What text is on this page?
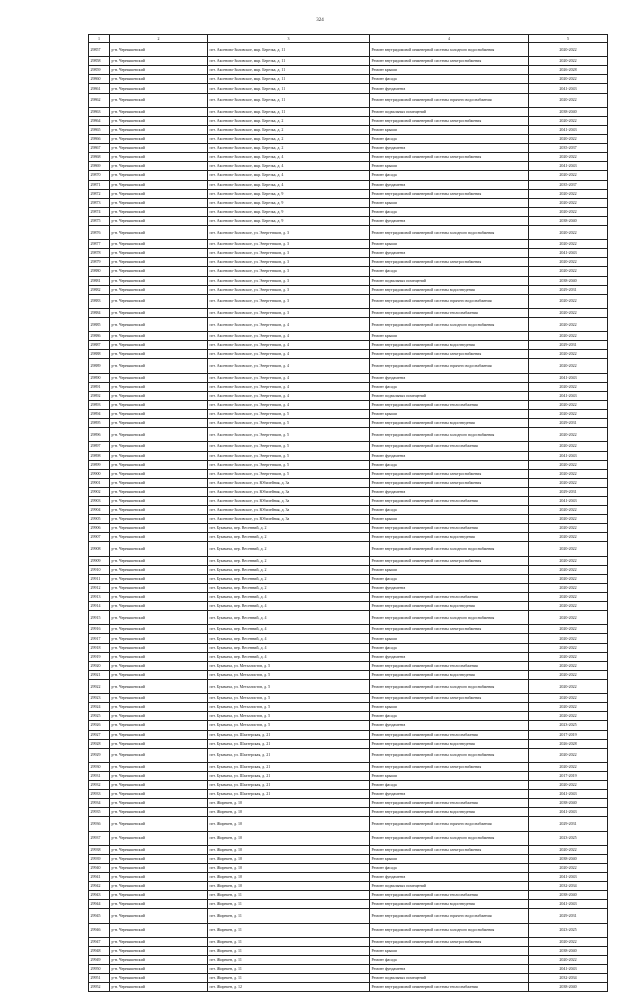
324
1	2	3	4	5
29857	р-н. Чернышевский	пгт. Аксеново-Зиловское, мкр. Березка, д. 11	Ремонт внутридомовой инженерной системы холодного водоснабжения	2020-2022
29858	р-н. Чернышевский	пгт. Аксеново-Зиловское, мкр. Березка, д. 11	Ремонт внутридомовой инженерной системы электроснабжения	2020-2022
29859	р-н. Чернышевский	пгт. Аксеново-Зиловское, мкр. Березка, д. 11	Ремонт крыши	2026-2028
29860	р-н. Чернышевский	пгт. Аксеново-Зиловское, мкр. Березка, д. 11	Ремонт фасада	2020-2022
29861	р-н. Чернышевский	пгт. Аксеново-Зиловское, мкр. Березка, д. 11	Ремонт фундамента	2041-2043
29862	р-н. Чернышевский	пгт. Аксеново-Зиловское, мкр. Березка, д. 11	Ремонт внутридомовой инженерной системы горячего водоснабжения	2020-2022
29863	р-н. Чернышевский	пгт. Аксеново-Зиловское, мкр. Березка, д. 11	Ремонт подвальных помещений	2038-2040
29864	р-н. Чернышевский	пгт. Аксеново-Зиловское, мкр. Березка, д. 2	Ремонт внутридомовой инженерной системы электроснабжения	2020-2022
29865	р-н. Чернышевский	пгт. Аксеново-Зиловское, мкр. Березка, д. 2	Ремонт крыши	2041-2043
29866	р-н. Чернышевский	пгт. Аксеново-Зиловское, мкр. Березка, д. 2	Ремонт фасада	2020-2022
29867	р-н. Чернышевский	пгт. Аксеново-Зиловское, мкр. Березка, д. 2	Ремонт фундамента	2035-2037
29868	р-н. Чернышевский	пгт. Аксеново-Зиловское, мкр. Березка, д. 4	Ремонт внутридомовой инженерной системы электроснабжения	2020-2022
29869	р-н. Чернышевский	пгт. Аксеново-Зиловское, мкр. Березка, д. 4	Ремонт крыши	2041-2043
29870	р-н. Чернышевский	пгт. Аксеново-Зиловское, мкр. Березка, д. 4	Ремонт фасада	2020-2022
29871	р-н. Чернышевский	пгт. Аксеново-Зиловское, мкр. Березка, д. 4	Ремонт фундамента	2035-2037
29872	р-н. Чернышевский	пгт. Аксеново-Зиловское, мкр. Березка, д. 9	Ремонт внутридомовой инженерной системы электроснабжения	2020-2022
29873	р-н. Чернышевский	пгт. Аксеново-Зиловское, мкр. Березка, д. 9	Ремонт крыши	2020-2022
29874	р-н. Чернышевский	пгт. Аксеново-Зиловское, мкр. Березка, д. 9	Ремонт фасада	2020-2022
29875	р-н. Чернышевский	пгт. Аксеново-Зиловское, мкр. Березка, д. 9	Ремонт фундамента	2038-2040
29876	р-н. Чернышевский	пгт. Аксеново-Зиловское, ул. Энергетиков, д. 3	Ремонт внутридомовой инженерной системы холодного водоснабжения	2020-2022
29877	р-н. Чернышевский	пгт. Аксеново-Зиловское, ул. Энергетиков, д. 3	Ремонт крыши	2020-2022
29878	р-н. Чернышевский	пгт. Аксеново-Зиловское, ул. Энергетиков, д. 3	Ремонт фундамента	2041-2043
29879	р-н. Чернышевский	пгт. Аксеново-Зиловское, ул. Энергетиков, д. 3	Ремонт внутридомовой инженерной системы электроснабжения	2020-2022
29880	р-н. Чернышевский	пгт. Аксеново-Зиловское, ул. Энергетиков, д. 3	Ремонт фасада	2020-2022
29881	р-н. Чернышевский	пгт. Аксеново-Зиловское, ул. Энергетиков, д. 3	Ремонт подвальных помещений	2038-2040
29882	р-н. Чернышевский	пгт. Аксеново-Зиловское, ул. Энергетиков, д. 3	Ремонт внутридомовой инженерной системы водоотведения	2029-2031
29883	р-н. Чернышевский	пгт. Аксеново-Зиловское, ул. Энергетиков, д. 3	Ремонт внутридомовой инженерной системы горячего водоснабжения	2020-2022
29884	р-н. Чернышевский	пгт. Аксеново-Зиловское, ул. Энергетиков, д. 3	Ремонт внутридомовой инженерной системы теплоснабжения	2020-2022
29885	р-н. Чернышевский	пгт. Аксеново-Зиловское, ул. Энергетиков, д. 4	Ремонт внутридомовой инженерной системы холодного водоснабжения	2020-2022
29886	р-н. Чернышевский	пгт. Аксеново-Зиловское, ул. Энергетиков, д. 4	Ремонт крыши	2020-2022
29887	р-н. Чернышевский	пгт. Аксеново-Зиловское, ул. Энергетиков, д. 4	Ремонт внутридомовой инженерной системы водоотведения	2029-2031
29888	р-н. Чернышевский	пгт. Аксеново-Зиловское, ул. Энергетиков, д. 4	Ремонт внутридомовой инженерной системы электроснабжения	2020-2022
29889	р-н. Чернышевский	пгт. Аксеново-Зиловское, ул. Энергетиков, д. 4	Ремонт внутридомовой инженерной системы горячего водоснабжения	2020-2022
29890	р-н. Чернышевский	пгт. Аксеново-Зиловское, ул. Энергетиков, д. 4	Ремонт фундамента	2041-2043
29891	р-н. Чернышевский	пгт. Аксеново-Зиловское, ул. Энергетиков, д. 4	Ремонт фасада	2020-2022
29892	р-н. Чернышевский	пгт. Аксеново-Зиловское, ул. Энергетиков, д. 4	Ремонт подвальных помещений	2041-2043
29893	р-н. Чернышевский	пгт. Аксеново-Зиловское, ул. Энергетиков, д. 4	Ремонт внутридомовой инженерной системы теплоснабжения	2020-2022
29894	р-н. Чернышевский	пгт. Аксеново-Зиловское, ул. Энергетиков, д. 5	Ремонт крыши	2020-2022
29895	р-н. Чернышевский	пгт. Аксеново-Зиловское, ул. Энергетиков, д. 5	Ремонт внутридомовой инженерной системы водоотведения	2029-2031
29896	р-н. Чернышевский	пгт. Аксеново-Зиловское, ул. Энергетиков, д. 5	Ремонт внутридомовой инженерной системы холодного водоснабжения	2020-2022
29897	р-н. Чернышевский	пгт. Аксеново-Зиловское, ул. Энергетиков, д. 5	Ремонт внутридомовой инженерной системы теплоснабжения	2020-2022
29898	р-н. Чернышевский	пгт. Аксеново-Зиловское, ул. Энергетиков, д. 5	Ремонт фундамента	2041-2043
29899	р-н. Чернышевский	пгт. Аксеново-Зиловское, ул. Энергетиков, д. 5	Ремонт фасада	2020-2022
29900	р-н. Чернышевский	пгт. Аксеново-Зиловское, ул. Энергетиков, д. 5	Ремонт внутридомовой инженерной системы электроснабжения	2020-2022
29901	р-н. Чернышевский	пгт. Аксеново-Зиловское, ул. Юбилейная, д. 3а	Ремонт внутридомовой инженерной системы электроснабжения	2020-2022
29902	р-н. Чернышевский	пгт. Аксеново-Зиловское, ул. Юбилейная, д. 3а	Ремонт фундамента	2029-2031
29903	р-н. Чернышевский	пгт. Аксеново-Зиловское, ул. Юбилейная, д. 3а	Ремонт внутридомовой инженерной системы теплоснабжения	2041-2043
29904	р-н. Чернышевский	пгт. Аксеново-Зиловское, ул. Юбилейная, д. 3а	Ремонт фасада	2020-2022
29905	р-н. Чернышевский	пгт. Аксеново-Зиловское, ул. Юбилейная, д. 3а	Ремонт крыши	2020-2022
29906	р-н. Чернышевский	пгт. Букачача, пер. Весенний, д. 2	Ремонт внутридомовой инженерной системы теплоснабжения	2020-2022
29907	р-н. Чернышевский	пгт. Букачача, пер. Весенний, д. 2	Ремонт внутридомовой инженерной системы водоотведения	2020-2022
29908	р-н. Чернышевский	пгт. Букачача, пер. Весенний, д. 2	Ремонт внутридомовой инженерной системы холодного водоснабжения	2020-2022
29909	р-н. Чернышевский	пгт. Букачача, пер. Весенний, д. 2	Ремонт внутридомовой инженерной системы электроснабжения	2020-2022
29910	р-н. Чернышевский	пгт. Букачача, пер. Весенний, д. 2	Ремонт крыши	2020-2022
29911	р-н. Чернышевский	пгт. Букачача, пер. Весенний, д. 2	Ремонт фасада	2020-2022
29912	р-н. Чернышевский	пгт. Букачача, пер. Весенний, д. 2	Ремонт фундамента	2020-2022
29913	р-н. Чернышевский	пгт. Букачача, пер. Весенний, д. 4	Ремонт внутридомовой инженерной системы теплоснабжения	2020-2022
29914	р-н. Чернышевский	пгт. Букачача, пер. Весенний, д. 4	Ремонт внутридомовой инженерной системы водоотведения	2020-2022
29915	р-н. Чернышевский	пгт. Букачача, пер. Весенний, д. 4	Ремонт внутридомовой инженерной системы холодного водоснабжения	2020-2022
29916	р-н. Чернышевский	пгт. Букачача, пер. Весенний, д. 4	Ремонт внутридомовой инженерной системы электроснабжения	2020-2022
29917	р-н. Чернышевский	пгт. Букачача, пер. Весенний, д. 4	Ремонт крыши	2020-2022
29918	р-н. Чернышевский	пгт. Букачача, пер. Весенний, д. 4	Ремонт фасада	2020-2022
29919	р-н. Чернышевский	пгт. Букачача, пер. Весенний, д. 4	Ремонт фундамента	2020-2022
29920	р-н. Чернышевский	пгт. Букачача, ул. Металлистов, д. 5	Ремонт внутридомовой инженерной системы теплоснабжения	2020-2022
29921	р-н. Чернышевский	пгт. Букачача, ул. Металлистов, д. 5	Ремонт внутридомовой инженерной системы водоотведения	2020-2022
29922	р-н. Чернышевский	пгт. Букачача, ул. Металлистов, д. 5	Ремонт внутридомовой инженерной системы холодного водоснабжения	2020-2022
29923	р-н. Чернышевский	пгт. Букачача, ул. Металлистов, д. 5	Ремонт внутридомовой инженерной системы электроснабжения	2020-2022
29924	р-н. Чернышевский	пгт. Букачача, ул. Металлистов, д. 5	Ремонт крыши	2020-2022
29925	р-н. Чернышевский	пгт. Букачача, ул. Металлистов, д. 5	Ремонт фасада	2020-2022
29926	р-н. Чернышевский	пгт. Букачача, ул. Металлистов, д. 5	Ремонт фундамента	2023-2025
29927	р-н. Чернышевский	пгт. Букачача, ул. Шахтерская, д. 21	Ремонт внутридомовой инженерной системы теплоснабжения	2017-2019
29928	р-н. Чернышевский	пгт. Букачача, ул. Шахтерская, д. 21	Ремонт внутридомовой инженерной системы водоотведения	2026-2028
29929	р-н. Чернышевский	пгт. Букачача, ул. Шахтерская, д. 21	Ремонт внутридомовой инженерной системы холодного водоснабжения	2020-2022
29930	р-н. Чернышевский	пгт. Букачача, ул. Шахтерская, д. 21	Ремонт внутридомовой инженерной системы электроснабжения	2020-2022
29931	р-н. Чернышевский	пгт. Букачача, ул. Шахтерская, д. 21	Ремонт крыши	2017-2019
29932	р-н. Чернышевский	пгт. Букачача, ул. Шахтерская, д. 21	Ремонт фасада	2020-2022
29933	р-н. Чернышевский	пгт. Букачача, ул. Шахтерская, д. 21	Ремонт фундамента	2041-2043
29934	р-н. Чернышевский	пгт. Жирекен, д. 10	Ремонт внутридомовой инженерной системы теплоснабжения	2038-2040
29935	р-н. Чернышевский	пгт. Жирекен, д. 10	Ремонт внутридомовой инженерной системы водоотведения	2041-2043
29936	р-н. Чернышевский	пгт. Жирекен, д. 10	Ремонт внутридомовой инженерной системы горячего водоснабжения	2029-2031
29937	р-н. Чернышевский	пгт. Жирекен, д. 10	Ремонт внутридомовой инженерной системы холодного водоснабжения	2023-2025
29938	р-н. Чернышевский	пгт. Жирекен, д. 10	Ремонт внутридомовой инженерной системы электроснабжения	2020-2022
29939	р-н. Чернышевский	пгт. Жирекен, д. 10	Ремонт крыши	2038-2040
29940	р-н. Чернышевский	пгт. Жирекен, д. 10	Ремонт фасада	2020-2022
29941	р-н. Чернышевский	пгт. Жирекен, д. 10	Ремонт фундамента	2041-2043
29942	р-н. Чернышевский	пгт. Жирекен, д. 10	Ремонт подвальных помещений	2032-2034
29943	р-н. Чернышевский	пгт. Жирекен, д. 11	Ремонт внутридомовой инженерной системы теплоснабжения	2038-2040
29944	р-н. Чернышевский	пгт. Жирекен, д. 11	Ремонт внутридомовой инженерной системы водоотведения	2041-2043
29945	р-н. Чернышевский	пгт. Жирекен, д. 11	Ремонт внутридомовой инженерной системы горячего водоснабжения	2029-2031
29946	р-н. Чернышевский	пгт. Жирекен, д. 11	Ремонт внутридомовой инженерной системы холодного водоснабжения	2023-2025
29947	р-н. Чернышевский	пгт. Жирекен, д. 11	Ремонт внутридомовой инженерной системы электроснабжения	2020-2022
29948	р-н. Чернышевский	пгт. Жирекен, д. 11	Ремонт крыши	2038-2040
29949	р-н. Чернышевский	пгт. Жирекен, д. 11	Ремонт фасада	2020-2022
29950	р-н. Чернышевский	пгт. Жирекен, д. 11	Ремонт фундамента	2041-2043
29951	р-н. Чернышевский	пгт. Жирекен, д. 11	Ремонт подвальных помещений	2032-2034
29952	р-н. Чернышевский	пгт. Жирекен, д. 12	Ремонт внутридомовой инженерной системы теплоснабжения	2038-2040
